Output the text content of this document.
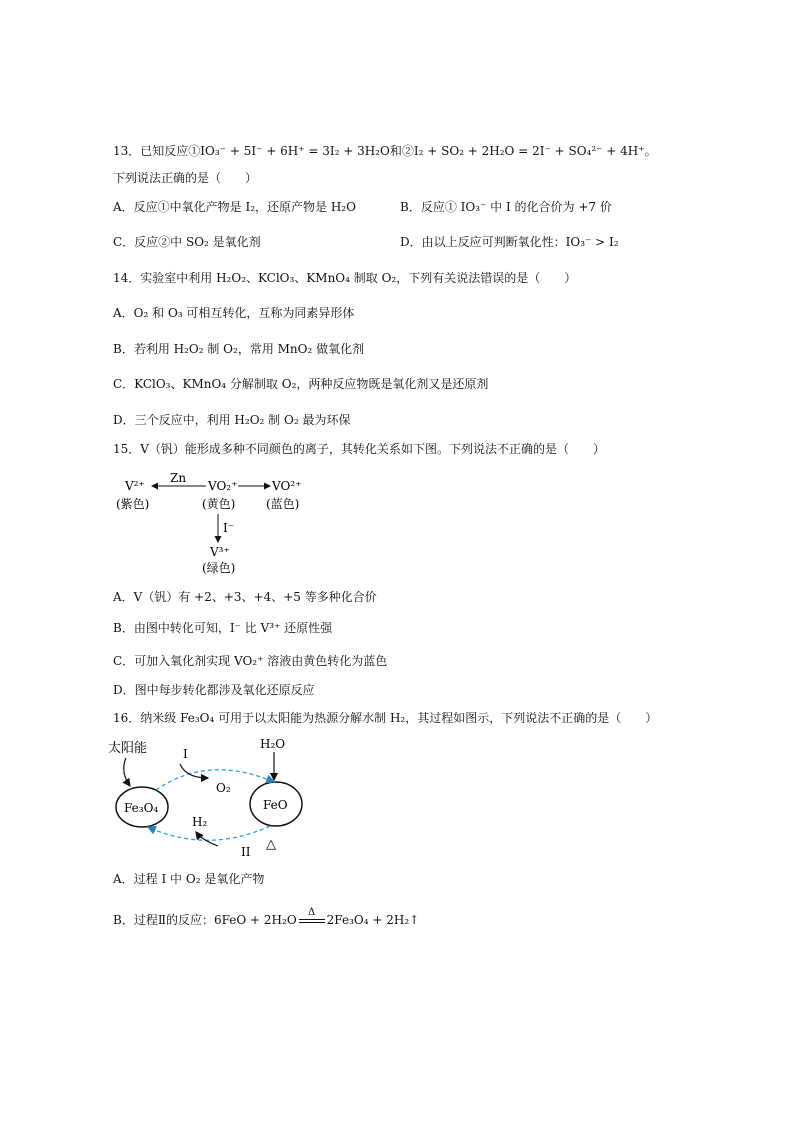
13．已知反应①IO₃⁻ + 5I⁻ + 6H⁺ = 3I₂ + 3H₂O和②I₂ + SO₂ + 2H₂O = 2I⁻ + SO₄²⁻ + 4H⁺。
下列说法正确的是（　　）
A．反应①中氧化产物是 I₂，还原产物是 H₂O	B．反应① IO₃⁻ 中 I 的化合价为 +7 价
C．反应②中 SO₂ 是氧化剂	D．由以上反应可判断氧化性：IO₃⁻ > I₂
14．实验室中利用 H₂O₂、KClO₃、KMnO₄ 制取 O₂，下列有关说法错误的是（　　）
A．O₂ 和 O₃ 可相互转化，互称为同素异形体
B．若利用 H₂O₂ 制 O₂，常用 MnO₂ 做氧化剂
C．KClO₃、KMnO₄ 分解制取 O₂，两种反应物既是氧化剂又是还原剂
D．三个反应中，利用 H₂O₂ 制 O₂ 最为环保
15．V（钒）能形成多种不同颜色的离子，其转化关系如下图。下列说法不正确的是（　　）
V²⁺
(紫色)
Zn
VO₂⁺
(黄色)
VO²⁺
(蓝色)
I⁻
V³⁺
(绿色)
A．V（钒）有 +2、+3、+4、+5 等多种化合价
B．由图中转化可知，I⁻ 比 V³⁺ 还原性强
C．可加入氧化剂实现 VO₂⁺ 溶液由黄色转化为蓝色
D．图中每步转化都涉及氧化还原反应
16．纳米级 Fe₃O₄ 可用于以太阳能为热源分解水制 H₂，其过程如图示，下列说法不正确的是（　　）
太阳能
Fe₃O₄	FeO
I
O₂
H₂O
H₂
II △
A．过程 I 中 O₂ 是氧化产物
B．过程Ⅱ的反应：6FeO + 2H₂O
Δ
2Fe₃O₄ + 2H₂↑
